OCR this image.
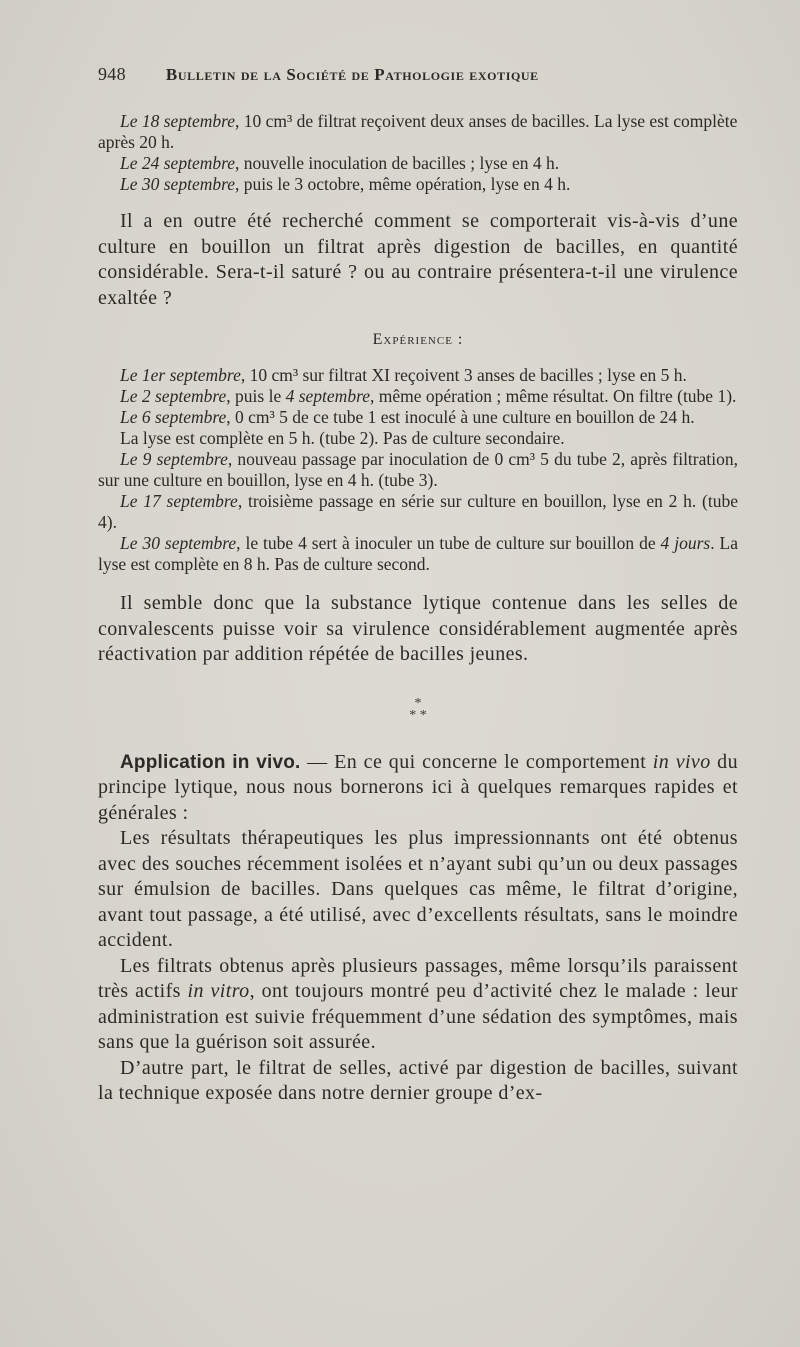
948 Bulletin de la Société de Pathologie exotique

Le 18 septembre, 10 cm³ de filtrat reçoivent deux anses de bacilles. La lyse est complète après 20 h.

Le 24 septembre, nouvelle inoculation de bacilles ; lyse en 4 h.

Le 30 septembre, puis le 3 octobre, même opération, lyse en 4 h.

Il a en outre été recherché comment se comporterait vis-à-vis d’une culture en bouillon un filtrat après digestion de bacilles, en quantité considérable. Sera-t-il saturé ? ou au contraire présentera-t-il une virulence exaltée ?

Expérience :

Le 1er septembre, 10 cm³ sur filtrat XI reçoivent 3 anses de bacilles ; lyse en 5 h.

Le 2 septembre, puis le 4 septembre, même opération ; même résultat. On filtre (tube 1).

Le 6 septembre, 0 cm³ 5 de ce tube 1 est inoculé à une culture en bouillon de 24 h.

La lyse est complète en 5 h. (tube 2). Pas de culture secondaire.

Le 9 septembre, nouveau passage par inoculation de 0 cm³ 5 du tube 2, après filtration, sur une culture en bouillon, lyse en 4 h. (tube 3).

Le 17 septembre, troisième passage en série sur culture en bouillon, lyse en 2 h. (tube 4).

Le 30 septembre, le tube 4 sert à inoculer un tube de culture sur bouillon de 4 jours. La lyse est complète en 8 h. Pas de culture second.

Il semble donc que la substance lytique contenue dans les selles de convalescents puisse voir sa virulence considérablement augmentée après réactivation par addition répétée de bacilles jeunes.

*
* *

Application in vivo. — En ce qui concerne le comportement in vivo du principe lytique, nous nous bornerons ici à quelques remarques rapides et générales :

Les résultats thérapeutiques les plus impressionnants ont été obtenus avec des souches récemment isolées et n’ayant subi qu’un ou deux passages sur émulsion de bacilles. Dans quelques cas même, le filtrat d’origine, avant tout passage, a été utilisé, avec d’excellents résultats, sans le moindre accident.

Les filtrats obtenus après plusieurs passages, même lorsqu’ils paraissent très actifs in vitro, ont toujours montré peu d’activité chez le malade : leur administration est suivie fréquemment d’une sédation des symptômes, mais sans que la guérison soit assurée.

D’autre part, le filtrat de selles, activé par digestion de bacilles, suivant la technique exposée dans notre dernier groupe d’ex-
